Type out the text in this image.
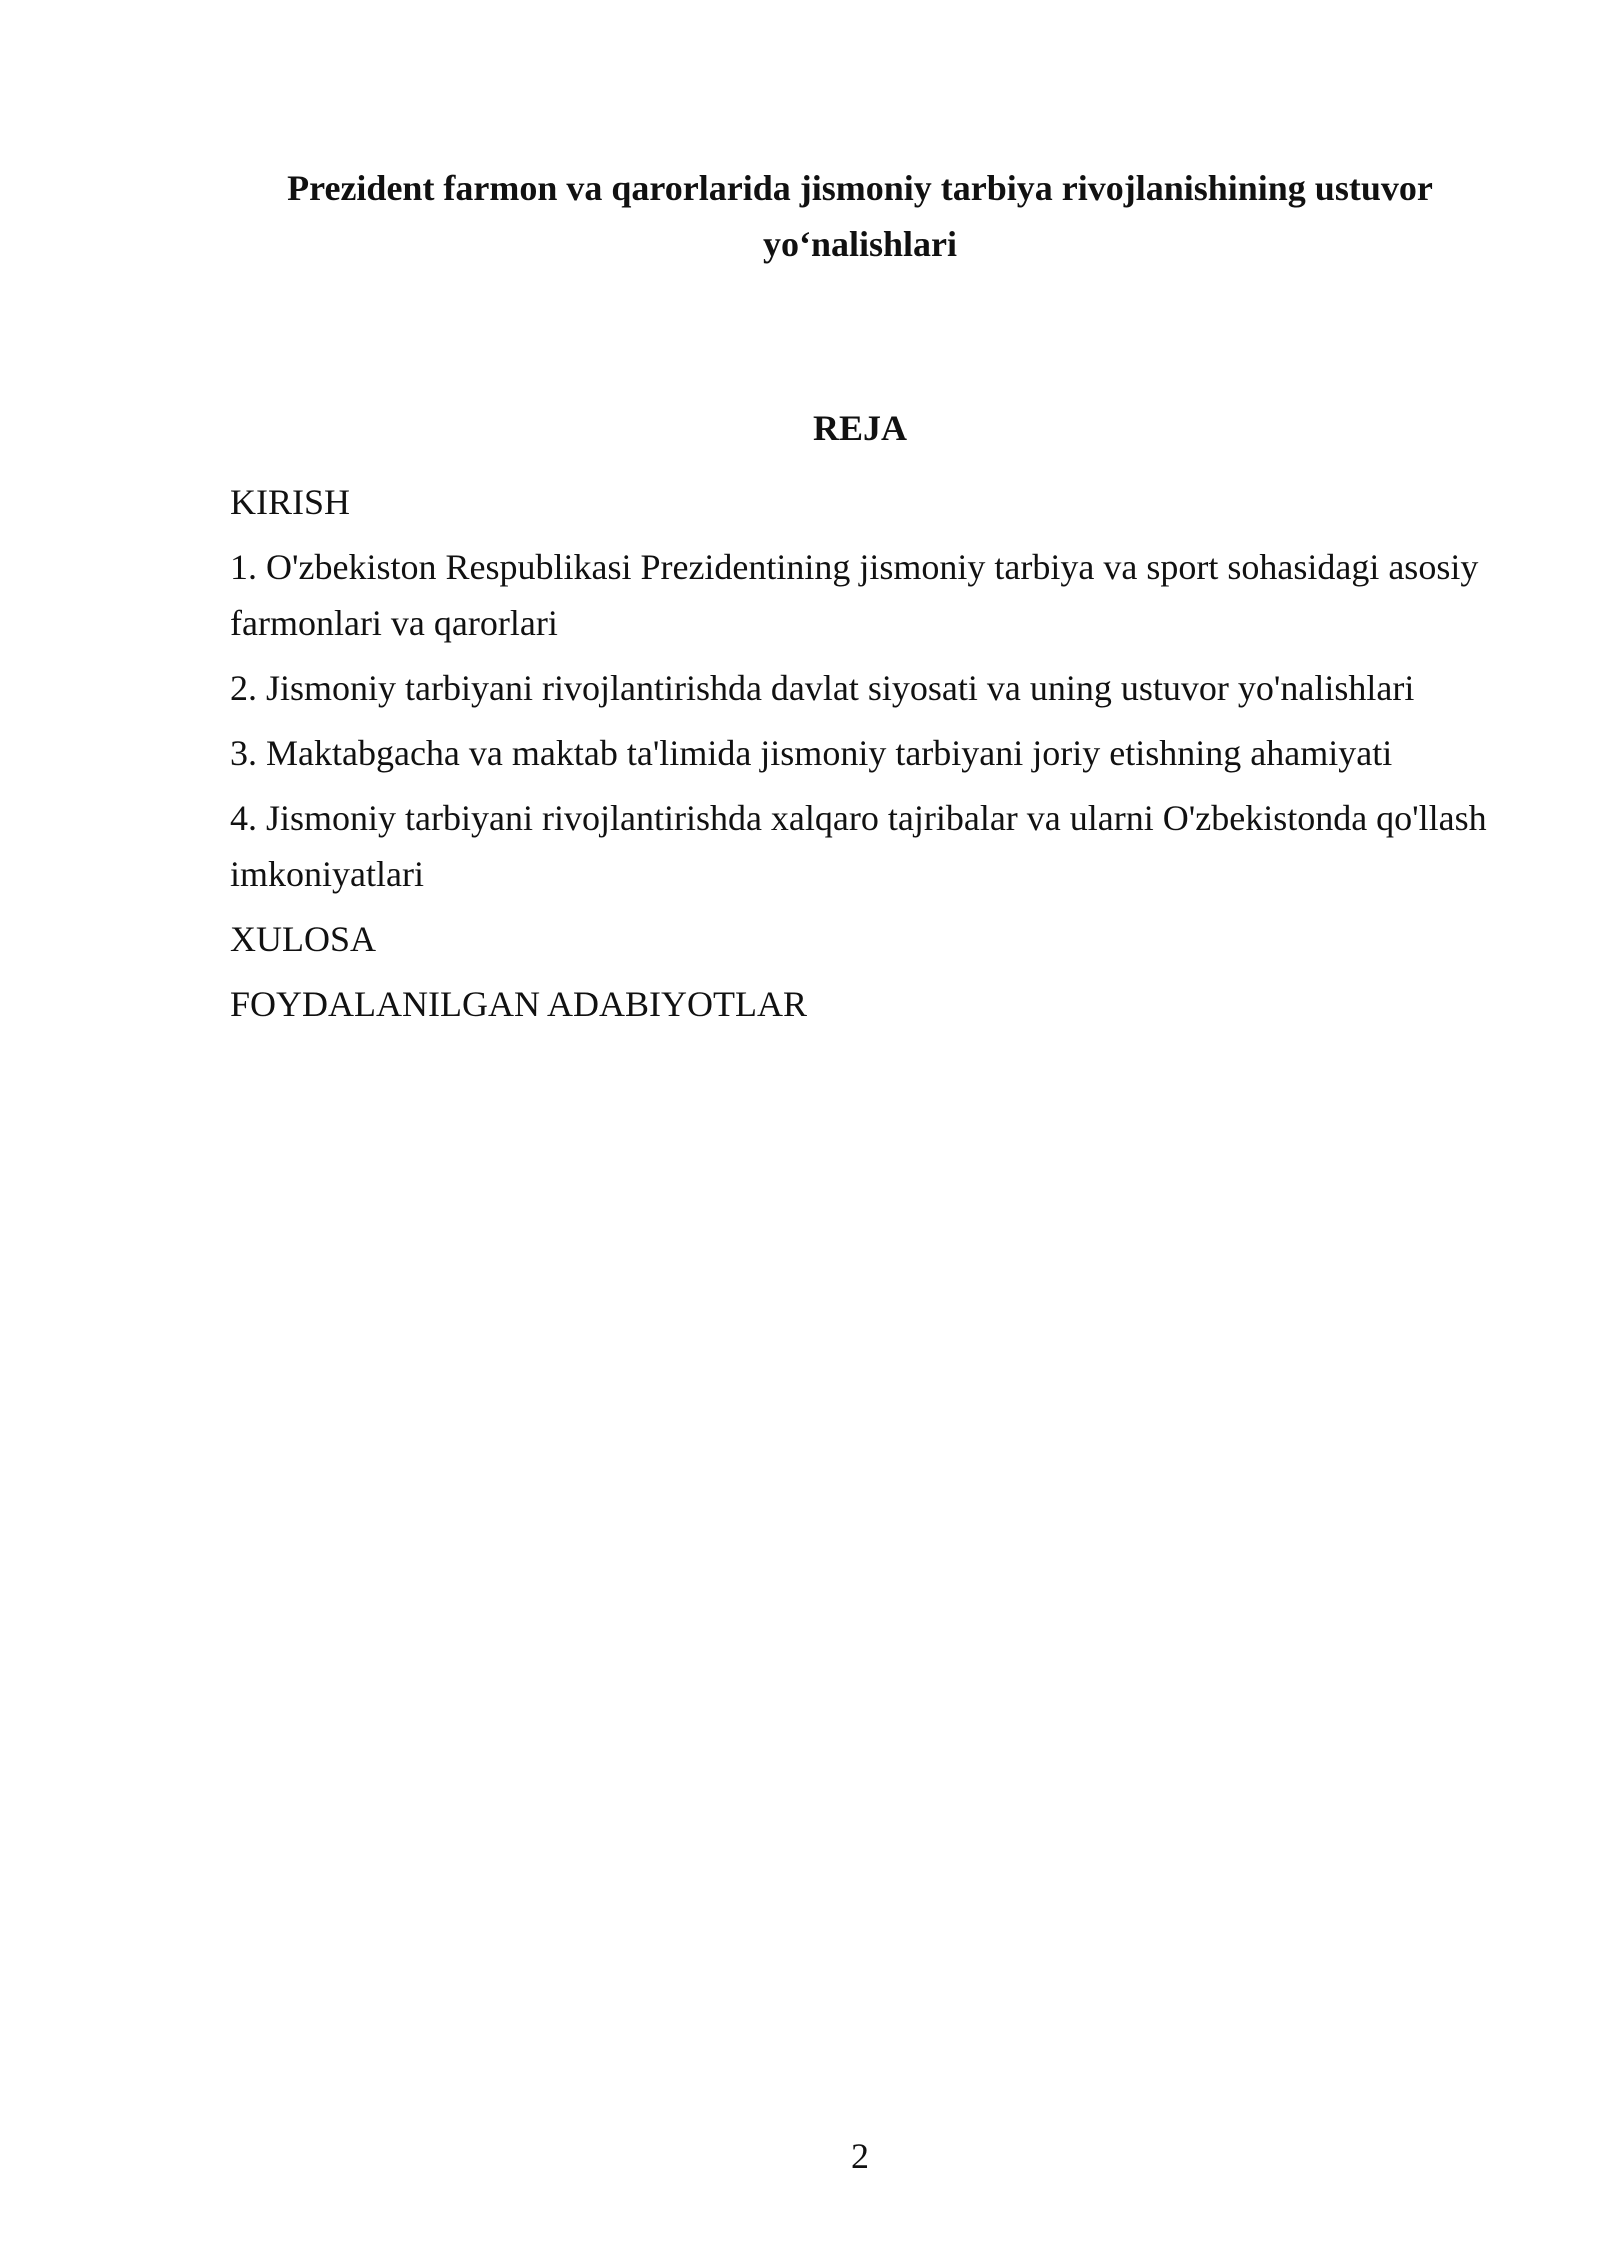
Prezident farmon va qarorlarida jismoniy tarbiya rivojlanishining ustuvor yo‘nalishlari
REJA
KIRISH
1. O'zbekiston Respublikasi Prezidentining jismoniy tarbiya va sport sohasidagi asosiy farmonlari va qarorlari
2. Jismoniy tarbiyani rivojlantirishda davlat siyosati va uning ustuvor yo'nalishlari
3. Maktabgacha va maktab ta'limida jismoniy tarbiyani joriy etishning ahamiyati
4. Jismoniy tarbiyani rivojlantirishda xalqaro tajribalar va ularni O'zbekistonda qo'llash imkoniyatlari
XULOSA
FOYDALANILGAN ADABIYOTLAR
2
